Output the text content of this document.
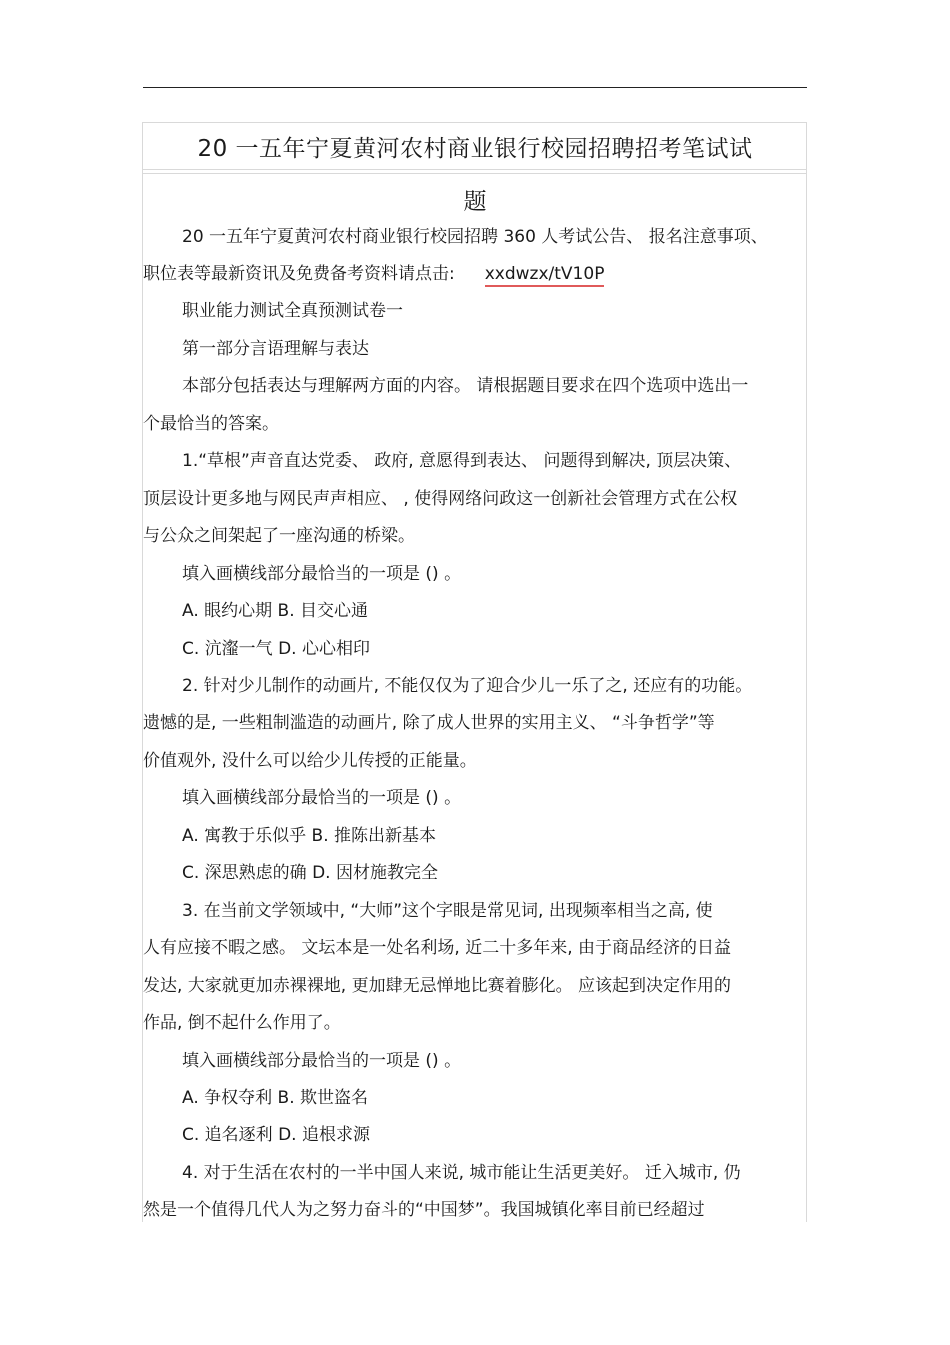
20 一五年宁夏黄河农村商业银行校园招聘招考笔试试
题
20 一五年宁夏黄河农村商业银行校园招聘 360 人考试公告、 报名注意事项、
职位表等最新资讯及免费备考资料请点击: xxdwzx/tV10P
职业能力测试全真预测试卷一
第一部分言语理解与表达
本部分包括表达与理解两方面的内容。 请根据题目要求在四个选项中选出一
个最恰当的答案。
1.“草根”声音直达党委、 政府, 意愿得到表达、 问题得到解决, 顶层决策、
顶层设计更多地与网民声声相应、 , 使得网络问政这一创新社会管理方式在公权
与公众之间架起了一座沟通的桥梁。
填入画横线部分最恰当的一项是 () 。
A. 眼约心期 B. 目交心通
C. 沆瀣一气 D. 心心相印
2. 针对少儿制作的动画片, 不能仅仅为了迎合少儿一乐了之, 还应有的功能。
遗憾的是, 一些粗制滥造的动画片, 除了成人世界的实用主义、 “斗争哲学”等
价值观外, 没什么可以给少儿传授的正能量。
填入画横线部分最恰当的一项是 () 。
A. 寓教于乐似乎 B. 推陈出新基本
C. 深思熟虑的确 D. 因材施教完全
3. 在当前文学领域中, “大师”这个字眼是常见词, 出现频率相当之高, 使
人有应接不暇之感。 文坛本是一处名利场, 近二十多年来, 由于商品经济的日益
发达, 大家就更加赤裸裸地, 更加肆无忌惮地比赛着膨化。 应该起到决定作用的
作品, 倒不起什么作用了。
填入画横线部分最恰当的一项是 () 。
A. 争权夺利 B. 欺世盗名
C. 追名逐利 D. 追根求源
4. 对于生活在农村的一半中国人来说, 城市能让生活更美好。 迁入城市, 仍
然是一个值得几代人为之努力奋斗的“中国梦”。我国城镇化率目前已经超过
